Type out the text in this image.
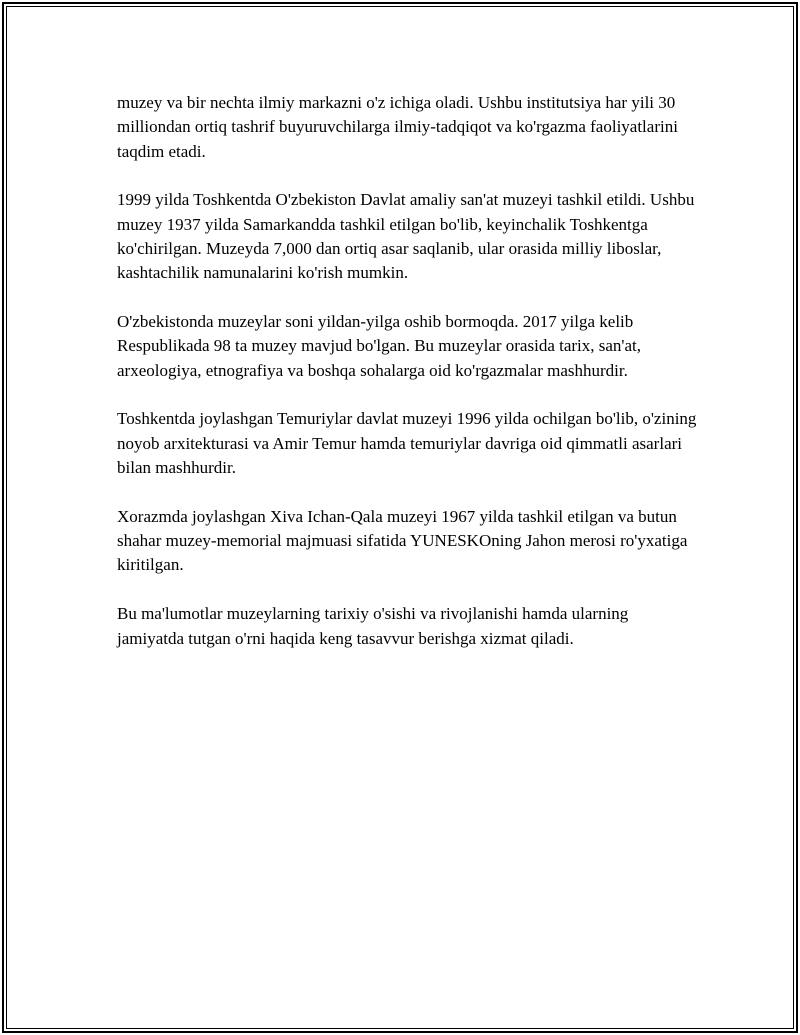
muzey va bir nechta ilmiy markazni o'z ichiga oladi. Ushbu institutsiya har yili 30 milliondan ortiq tashrif buyuruvchilarga ilmiy-tadqiqot va ko'rgazma faoliyatlarini taqdim etadi.

1999 yilda Toshkentda O'zbekiston Davlat amaliy san'at muzeyi tashkil etildi. Ushbu muzey 1937 yilda Samarkandda tashkil etilgan bo'lib, keyinchalik Toshkentga ko'chirilgan. Muzeyda 7,000 dan ortiq asar saqlanib, ular orasida milliy liboslar, kashtachilik namunalarini ko'rish mumkin.

O'zbekistonda muzeylar soni yildan-yilga oshib bormoqda. 2017 yilga kelib Respublikada 98 ta muzey mavjud bo'lgan. Bu muzeylar orasida tarix, san'at, arxeologiya, etnografiya va boshqa sohalarga oid ko'rgazmalar mashhurdir.

Toshkentda joylashgan Temuriylar davlat muzeyi 1996 yilda ochilgan bo'lib, o'zining noyob arxitekturasi va Amir Temur hamda temuriylar davriga oid qimmatli asarlari bilan mashhurdir.

Xorazmda joylashgan Xiva Ichan-Qala muzeyi 1967 yilda tashkil etilgan va butun shahar muzey-memorial majmuasi sifatida YUNESKOning Jahon merosi ro'yxatiga kiritilgan.

Bu ma'lumotlar muzeylarning tarixiy o'sishi va rivojlanishi hamda ularning jamiyatda tutgan o'rni haqida keng tasavvur berishga xizmat qiladi.
